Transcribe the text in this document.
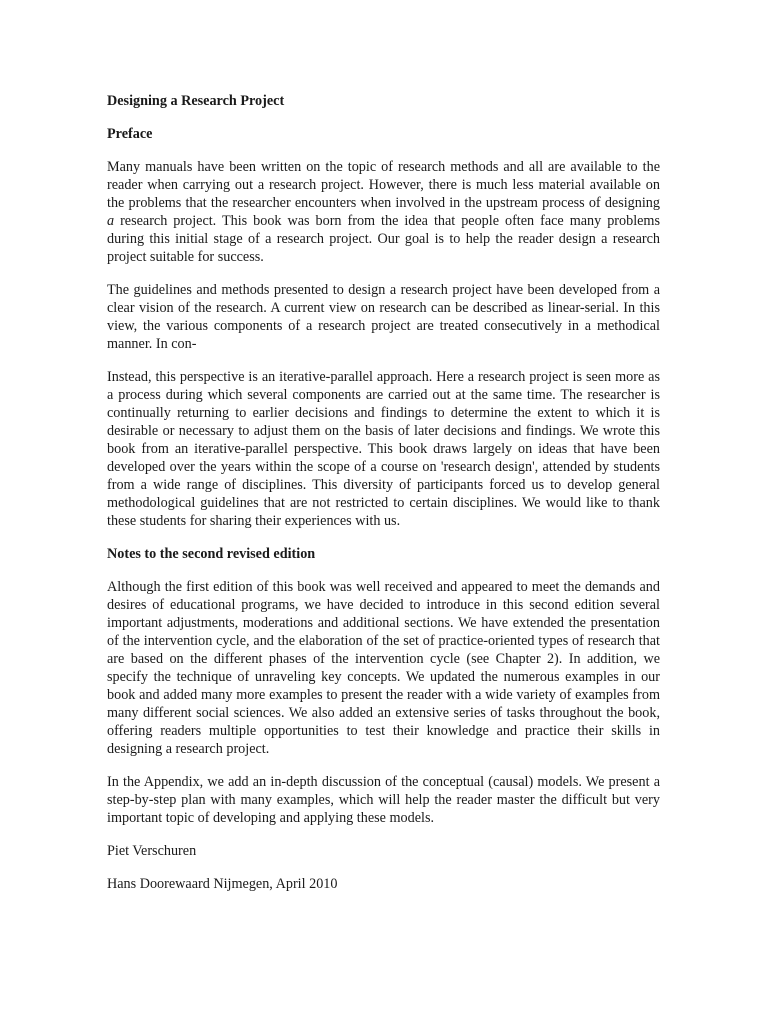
Designing a Research Project

Preface

Many manuals have been written on the topic of research methods and all are available to the reader when carrying out a research project. However, there is much less material available on the problems that the researcher encounters when involved in the upstream process of designing a research project. This book was born from the idea that people often face many problems during this initial stage of a research project. Our goal is to help the reader design a research project suitable for success.

The guidelines and methods presented to design a research project have been developed from a clear vision of the research. A current view on research can be described as linear-serial. In this view, the various components of a research project are treated consecutively in a methodical manner. In con-

Instead, this perspective is an iterative-parallel approach. Here a research project is seen more as a process during which several components are carried out at the same time. The researcher is continually returning to earlier decisions and findings to determine the extent to which it is desirable or necessary to adjust them on the basis of later decisions and findings. We wrote this book from an iterative-parallel perspective. This book draws largely on ideas that have been developed over the years within the scope of a course on 'research design', attended by students from a wide range of disciplines. This diversity of participants forced us to develop general methodological guidelines that are not restricted to certain disciplines. We would like to thank these students for sharing their experiences with us.

Notes to the second revised edition

Although the first edition of this book was well received and appeared to meet the demands and desires of educational programs, we have decided to introduce in this second edition several important adjustments, moderations and additional sections. We have extended the presentation of the intervention cycle, and the elaboration of the set of practice-oriented types of research that are based on the different phases of the intervention cycle (see Chapter 2). In addition, we specify the technique of unraveling key concepts. We updated the numerous examples in our book and added many more examples to present the reader with a wide variety of examples from many different social sciences. We also added an extensive series of tasks throughout the book, offering readers multiple opportunities to test their knowledge and practice their skills in designing a research project.

In the Appendix, we add an in-depth discussion of the conceptual (causal) models. We present a step-by-step plan with many examples, which will help the reader master the difficult but very important topic of developing and applying these models.

Piet Verschuren

Hans Doorewaard Nijmegen, April 2010
